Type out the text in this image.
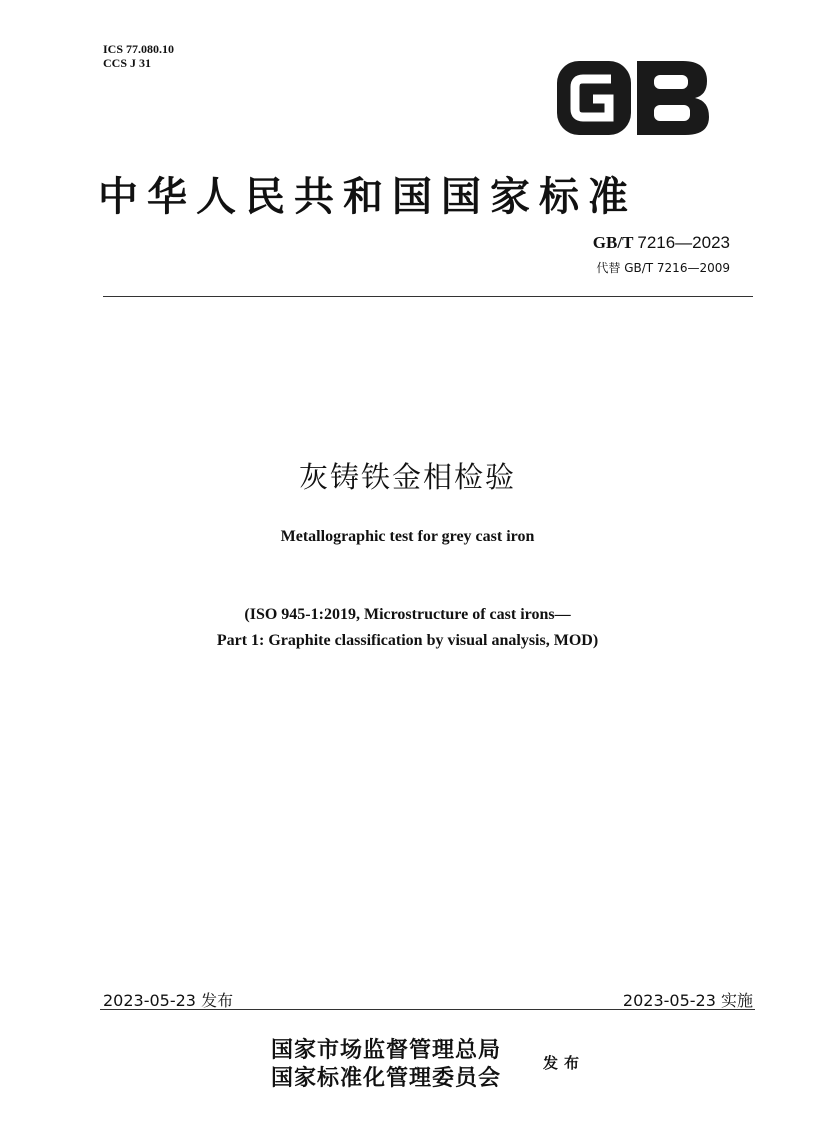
ICS 77.080.10
CCS J 31
中华人民共和国国家标准
GB/T 7216—2023
代替 GB/T 7216—2009
灰铸铁金相检验
Metallographic test for grey cast iron
(ISO 945-1:2019, Microstructure of cast irons—
Part 1: Graphite classification by visual analysis, MOD)
2023-05-23 发布	2023-05-23 实施
国家市场监督管理总局
国家标准化管理委员会
发布
